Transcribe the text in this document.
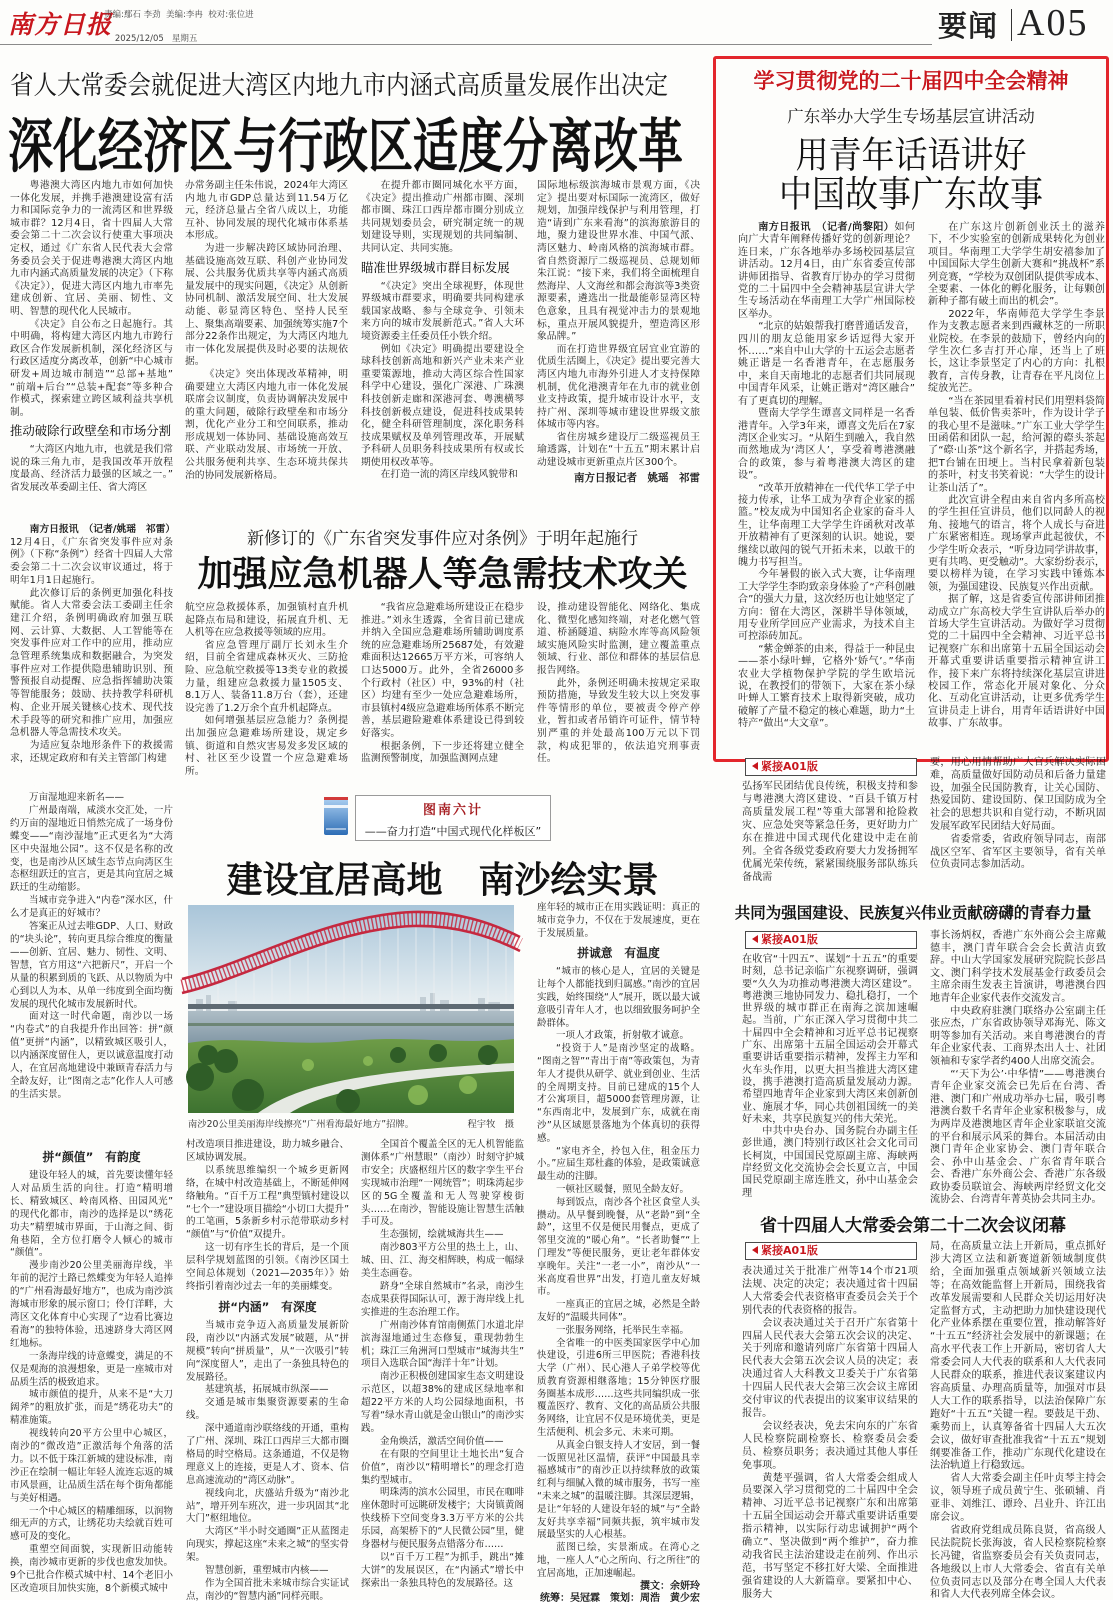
南方日报
责编:鄢石 李劲  美编:李冉  校对:张位进

2025/12/05 星期五
	要闻 A05
省人大常委会就促进大湾区内地九市内涵式高质量发展作出决定
深化经济区与行政区适度分离改革

粤港澳大湾区内地九市如何加快一体化发展，并携手港澳建设富有活力和国际竞争力的一流湾区和世界级城市群？12月4日，省十四届人大常委会第二十二次会议行使重大事项决定权，通过《广东省人民代表大会常务委员会关于促进粤港澳大湾区内地九市内涵式高质量发展的决定》（下称《决定》），促进大湾区内地九市率先建成创新、宜居、美丽、韧性、文明、智慧的现代化人民城市。

《决定》自公布之日起施行。其中明确，将构建大湾区内地九市跨行政区合作发展新机制，深化经济区与行政区适度分离改革，创新“中心城市研发+周边城市制造”“总部+基地”“前端+后台”“总装+配套”等多种合作模式，探索建立跨区域利益共享机制。

推动破除行政壁垒和市场分割

“大湾区内地九市，也就是我们常说的珠三角九市，是我国改革开放程度最高、经济活力最强的区域之一。”省发展改革委副主任、省大湾区

办常务副主任朱伟说，2024年大湾区内地九市GDP总量达到11.54万亿元，经济总量占全省八成以上，功能互补、协同发展的现代化城市体系基本形成。

为进一步解决跨区域协同治理、基础设施高效互联、科创产业协同发展、公共服务优质共享等内涵式高质量发展中的现实问题，《决定》从创新协同机制、激活发展空间、壮大发展动能、彰显湾区特色、坚持人民至上、聚集高端要素、加强统筹实施7个部分22条作出规定，为大湾区内地九市一体化发展提供及时必要的法规依据。

《决定》突出体现改革精神，明确要建立大湾区内地九市一体化发展联席会议制度，负责协调解决发展中的重大问题，破除行政壁垒和市场分割，优化产业分工和空间联系，推动形成规划一体协同、基础设施高效互联、产业联动发展、市场统一开放、公共服务便利共享、生态环境共保共治的协同发展新格局。

在提升都市圈同城化水平方面，《决定》提出推动广州都市圈、深圳都市圈、珠江口西岸都市圈分别成立共同规划委员会，研究制定统一的规划建设导则，实现规划的共同编制、共同认定、共同实施。

瞄准世界级城市群目标发展

“《决定》突出全球视野，体现世界级城市群要求，明确要共同构建承载国家战略、参与全球竞争、引领未来方向的城市发展新范式。”省人大环境资源委主任委员任小铁介绍。

例如《决定》明确提出要建设全球科技创新高地和新兴产业未来产业重要策源地，推动大湾区综合性国家科学中心建设，强化广深港、广珠澳科技创新走廊和深港河套、粤澳横琴科技创新极点建设，促进科技成果转化，健全科研管理制度，深化职务科技成果赋权及单列管理改革，开展赋予科研人员职务科技成果所有权或长期使用权改革等。

在打造一流的湾区岸线风貌带和

国际地标级滨海城市景观方面，《决定》提出要对标国际一流湾区，做好规划，加强岸线保护与利用管理，打造“请到广东来看海”的滨海旅游目的地，聚力建设世界水准、中国气派、湾区魅力、岭南风格的滨海城市群。省自然资源厅二级巡视员、总规划师朱江说：“接下来，我们将全面梳理自然海岸、人文海丝和都会海滨等3类资源要素，遴选出一批最能彰显湾区特色意象，且具有视觉冲击力的景观地标，重点开展风貌提升，塑造湾区形象品牌。”

而在打造世界级宜居宜业宜游的优质生活圈上，《决定》提出要完善大湾区内地九市海外引进人才支持保障机制，优化港澳青年在九市的就业创业支持政策，提升城市设计水平，支持广州、深圳等城市建设世界级文旅体城市等内容。

省住房城乡建设厅二级巡视员王瑜透露，计划在“十五五”期末累计启动建设城市更新重点片区300个。

南方日报记者　姚瑶　祁雷

新修订的《广东省突发事件应对条例》于明年起施行
加强应急机器人等急需技术攻关

南方日报讯　（记者/姚瑶　祁雷）12月4日，《广东省突发事件应对条例》（下称“条例”）经省十四届人大常委会第二十二次会议审议通过，将于明年1月1日起施行。

此次修订后的条例更加强化科技赋能。省人大常委会法工委副主任余建江介绍，条例明确政府加强互联网、云计算、大数据、人工智能等在突发事件应对工作中的应用，推动应急管理系统集成和数据融合，为突发事件应对工作提供隐患辅助识别、预警预报自动提醒、应急指挥辅助决策等智能服务；鼓励、扶持教学科研机构、企业开展关键核心技术、现代技术手段等的研究和推广应用，加强应急机器人等急需技术攻关。

为适应复杂地形条件下的救援需求，还规定政府和有关主管部门构建

航空应急救援体系，加强镇村直升机起降点布局和建设，拓展直升机、无人机等在应急救援等领域的应用。

省应急管理厅副厅长刘永生介绍，目前全省建成森林灭火、三防抢险、应急航空救援等13类专业的救援力量，组建应急救援力量1505支、8.1万人、装备11.8万台（套），还建设完善了1.2万余个直升机起降点。

如何增强基层应急能力？条例提出加强应急避难场所建设，规定乡镇、街道和自然灾害易发多发区域的村、社区至少设置一个应急避难场所。

“我省应急避难场所建设正在稳步推进。”刘永生透露，全省目前已建成并纳入全国应急避难场所辅助调度系统的应急避难场所25687处，有效避难面积达12665万平方米，可容纳人口达5000万。此外，全省26000多个行政村（社区）中，93%的村（社区）均建有至少一处应急避难场所，市县镇村4级应急避难场所体系不断完善，基层避险避难体系建设已得到较好落实。

根据条例，下一步还将建立健全监测预警制度，加强监测网点建

设，推动建设智能化、网络化、集成化、微型化感知终端，对老化燃气管道、桥涵隧道、病险水库等高风险领域实施风险实时监测，建立覆盖重点领域、行业、部位和群体的基层信息报告网络。

此外，条例还明确未按规定采取预防措施，导致发生较大以上突发事件等情形的单位，要被责令停产停业，暂扣或者吊销许可证件，情节特别严重的并处最高100万元以下罚款，构成犯罪的，依法追究刑事责任。

学习贯彻党的二十届四中全会精神
广东举办大学生专场基层宣讲活动
用青年话语讲好
中国故事广东故事

南方日报讯　（记者/尚黎阳）如何向广大青年阐释传播好党的创新理论？连日来，广东各地举办多场校园基层宣讲活动。12月4日，由广东省委宣传部讲师团指导、省教育厅协办的学习贯彻党的二十届四中全会精神基层宣讲大学生专场活动在华南理工大学广州国际校区举办。

“北京的姑娘帮我打磨普通话发音，四川的朋友总能用家乡话逗得大家开怀……”来自中山大学的十五运会志愿者姚正谐是一名香港青年，在志愿服务中，来自天南地北的志愿者们共同展现中国青年风采，让姚正谐对“湾区融合”有了更真切的理解。

暨南大学学生谭喜文同样是一名香港青年。入学3年来，谭喜文先后在7家湾区企业实习。“从陌生到融入，我自然而然地成为‘湾区人’，享受着粤港澳融合的政策，参与着粤港澳大湾区的建设”。

“改革开放精神在一代代华工学子中接力传承，让华工成为孕育企业家的摇篮。”校友成为中国知名企业家的奋斗人生，让华南理工大学学生许函秋对改革开放精神有了更深刻的认识。她说，要继续以敢闯的锐气开拓未来，以敢干的魄力书写担当。

今年暑假的嵌入式大赛，让华南理工大学学生李昀致亲身体验了“产科创融合”的强大力量，这次经历也让她坚定了方向：留在大湾区，深耕半导体领域，用专业所学回应产业需求，为技术自主可控添砖加瓦。

“紫金蝉茶的由来，得益于一种昆虫——茶小绿叶蝉，它格外‘娇气’。”华南农业大学植物保护学院的学生欧培沅说，在教授们的带领下，大家在茶小绿叶蝉人工繁育技术上取得新突破，成功破解了产量不稳定的核心难题，助力“土特产”做出“大文章”。

在广东这片创新创业沃土的滋养下，不少实验室的创新成果转化为创业项目。华南理工大学学生胡安禧参加了中国国际大学生创新大赛和“挑战杯”系列竞赛，“学校为双创团队提供零成本、全要素、一体化的孵化服务，让每颗创新种子都有破土而出的机会”。

2022年，华南师范大学学生李景作为支教志愿者来到西藏林芝的一所职业院校。在李景的鼓励下，曾经内向的学生次仁多吉打开心扉，还当上了班长，这让李景坚定了内心的方向：扎根教育，言传身教，让青春在平凡岗位上绽放光芒。

“当在茶园里看着村民们用塑料袋简单包装、低价售卖茶叶，作为设计学子的我心里不是滋味。”广东工业大学学生田函偌和团队一起，给河源的磜头茶起了“磜·山茶”这个新名字，并搭起秀场，把T台铺在田埂上。当村民拿着新包装的茶叶，村支书笑着说：“大学生的设计让茶山活了”。

此次宣讲全程由来自省内多所高校的学生担任宣讲员，他们以同龄人的视角、接地气的语言，将个人成长与奋进广东紧密相连。现场掌声此起彼伏，不少学生听众表示，“听身边同学讲故事，更有共鸣、更受触动”。大家纷纷表示，要以榜样为镜，在学习实践中锤炼本领，为强国建设、民族复兴作出贡献。

据了解，这是省委宣传部讲师团推动成立广东高校大学生宣讲队后举办的首场大学生宣讲活动。为做好学习贯彻党的二十届四中全会精神、习近平总书记视察广东和出席第十五届全国运动会开幕式重要讲话重要指示精神宣讲工作，接下来广东将持续深化基层宣讲进校园工作，常态化开展对象化、分众化、互动化宣讲活动，让更多优秀学生宣讲员走上讲台，用青年话语讲好中国故事、广东故事。

紧接A01版

弘扬军民团结优良传统，积极支持和参与粤港澳大湾区建设、“百县千镇万村高质量发展工程”等重大部署和抢险救灾、应急处突等紧急任务，更好助力广东在推进中国式现代化建设中走在前列。全省各级党委政府要大力发扬拥军优属光荣传统，紧紧围绕服务部队练兵备战需

要，用心用情帮助广大官兵解决实际困难，高质量做好国防动员和后备力量建设，加强全民国防教育，让关心国防、热爱国防、建设国防、保卫国防成为全社会的思想共识和自觉行动，不断巩固发展军政军民团结大好局面。

省委常委，省政府领导同志，南部战区空军、省军区主要领导，省有关单位负责同志参加活动。

共同为强国建设、民族复兴伟业贡献磅礴的青春力量
紧接A01版

在收官“十四五”、谋划“十五五”的重要时刻，总书记亲临广东视察调研，强调要“久久为功推动粤港澳大湾区建设”。粤港澳三地协同发力、稳扎稳打，一个世界级的城市群正在南海之滨加速崛起。当前，广东正深入学习贯彻中共二十届四中全会精神和习近平总书记视察广东、出席第十五届全国运动会开幕式重要讲话重要指示精神，发挥主力军和火车头作用，以更大担当推进大湾区建设，携手港澳打造高质量发展动力源。希望四地青年企业家到大湾区来创新创业、施展才华，同心共创祖国统一的美好未来，共享民族复兴的伟大荣光。

中共中央台办、国务院台办副主任彭世通，澳门特别行政区社会文化司司长柯岚，中国国民党原副主席、海峡两岸经贸文化交流协会会长夏立言，中国国民党原副主席连胜文，孙中山基金会理

事长汤炳权，香港广东外商公会主席戴德丰，澳门青年联合会会长黄洁贞致辞。中山大学国家发展研究院院长彭昌文、澳门科学技术发展基金行政委员会主席余雨生发表主旨演讲，粤港澳台四地青年企业家代表作交流发言。

中央政府驻澳门联络办公室副主任张应杰，广东省政协领导邓海光、陈文明等参加有关活动。来自粤港澳台的青年企业家代表、工商界杰出人士、社团领袖和专家学者约400人出席交流会。

“‘天下为公’·中华情”——粤港澳台青年企业家交流会已先后在台湾、香港、澳门和广州成功举办七届，吸引粤港澳台数千名青年企业家积极参与，成为两岸及港澳地区青年企业家联谊交流的平台和展示风采的舞台。本届活动由澳门青年企业家协会、澳门青年联合会、孙中山基金会、广东省青年联合会、香港广东外商公会、香港广东各级政协委员联谊会、海峡两岸经贸文化交流协会、台湾青年菁英协会共同主办。

省十四届人大常委会第二十二次会议闭幕
紧接A01版

表决通过关于批准广州等14个市21项法规、决定的决定；表决通过省十四届人大常委会代表资格审查委员会关于个别代表的代表资格的报告。

会议表决通过关于召开广东省第十四届人民代表大会第五次会议的决定、关于列席和邀请列席广东省第十四届人民代表大会第五次会议人员的决定；表决通过省人大科教文卫委关于广东省第十四届人民代表大会第三次会议主席团交付审议的代表提出的议案审议结果的报告。

会议经表决，免去宋向东的广东省人民检察院副检察长、检察委员会委员、检察员职务；表决通过其他人事任免事项。

黄楚平强调，省人大常委会组成人员要深入学习贯彻党的二十届四中全会精神、习近平总书记视察广东和出席第十五届全国运动会开幕式重要讲话重要指示精神，以实际行动忠诚拥护“两个确立”、坚决做到“两个维护”，奋力推动我省民主法治建设走在前列、作出示范，书写坚定不移扛好大梁、全面推进强省建设的人大新篇章。要紧扣中心、服务大

局，在高质量立法上开新局，重点抓好涉大湾区立法和新赛道新领域制度供给，全面加强重点领域新兴领域立法等；在高效能监督上开新局，围绕我省改革发展需要和人民群众关切运用好决定监督方式，主动把助力加快建设现代化产业体系摆在重要位置，推动解答好“十五五”经济社会发展中的新课题；在高水平代表工作上开新局，密切省人大常委会同人大代表的联系和人大代表同人民群众的联系，推进代表议案建议内容高质量、办理高质量等，加强对市县人大工作的联系指导，以法治保障广东跑好“十五五”关键一程。要鼓足干劲、乘势而上，认真筹备省十四届人大五次会议，做好审查批准我省“十五五”规划纲要准备工作，推动广东现代化建设在法治轨道上行稳致远。

省人大常委会副主任叶贞琴主持会议，领导班子成员黄宁生、张硕辅、肖亚非、刘维江、谭玲、吕业升、许江出席会议。

省政府党组成员陈良贤，省高级人民法院院长张海波，省人民检察院检察长冯键，省监察委员会有关负责同志，各地级以上市人大常委会、省直有关单位负责同志以及部分在粤全国人大代表和省人大代表列席全体会议。

图南六计
——奋力打造“中国式现代化样板区”
建设宜居高地　南沙绘实景
南沙20公里美丽海岸线擦亮“广州看海最好地方”招牌。	程宇牧　摄

万亩湿地迎来新名——

广州最南端，咸淡水交汇处，一片约万亩的湿地近日悄然完成了一场身份蝶变——“南沙湿地”正式更名为“大湾区中央湿地公园”。这不仅是名称的改变，也是南沙从区域生态节点向湾区生态枢纽跃迁的宣言，更是其向宜居之城跃迁的生动缩影。

当城市竞争进入“内卷”深水区，什么才是真正的好城市？

答案正从过去唯GDP、人口、财政的“块头论”，转向更具综合维度的衡量——创新、宜居、魅力、韧性、文明、智慧，官方用这“六把新尺”，开启一个从量的积累到质的飞跃、从以物质为中心到以人为本、从单一纬度到全面均衡发展的现代化城市发展新时代。

面对这一时代命题，南沙以一场“内卷式”的自我提升作出回答：拼“颜值”更拼“内涵”，以精致城区吸引人，以内涵深度留住人，更以诚意温度打动人，在宜居高地建设中兼顾青春活力与全龄友好，让“图南之志”化作人人可感的生活实景。

拼“颜值”　有韵度

建设年轻人的城，首先要读懂年轻人对品质生活的向往。打造“精明增长、精致城区、岭南风格、田园风光”的现代化都市，南沙的选择是以“绣花功夫”精塑城市界面，于山海之间、街角巷陌，全方位打磨令人倾心的城市“颜值”。

漫步南沙20公里美丽海岸线，半年前的泥泞土路已然蝶变为年轻人追捧的“广州看海最好地方”，也成为南沙滨海城市形象的展示窗口；伶仃洋畔，大湾区文化体育中心实现了“边看比赛边看海”的独特体验，迅速跻身大湾区网红地标。

一条海岸线的诗意蝶变，满足的不仅是观海的浪漫想象，更是一座城市对品质生活的极致追求。

城市颜值的提升，从来不是“大刀阔斧”的粗放扩张，而是“绣花功夫”的精准施策。

视线转向20平方公里中心城区，南沙的“微改造”正激活每个角落的活力。以不低于珠江新城的建设标准，南沙正在绘制一幅让年轻人流连忘返的城市风景画，让品质生活在每个街角都能与美好相遇。

一个中心城区的精雕细琢，以润物细无声的方式，让绣花功夫绘就百姓可感可及的变化。

重塑空间面貌，实现新旧动能转换，南沙城市更新的步伐也愈发加快。9个已批合作模式城中村、14个老旧小区改造项目加快实施，8个新模式城中

村改造项目推进建设，助力城乡融合、区域协调发展。

以系统思维编织一个城乡更新网络，在城中村改造基础上，不断延伸网络触角。“百千万工程”典型镇村建设以“七个一”建设项目描绘“小切口大提升”的工笔画，5条新乡村示范带联动乡村“颜值”与“价值”双提升。

这一切有序生长的背后，是一个顶层科学规划蓝图的引领。《南沙区国土空间总体规划（2021—2035年）》始终指引着南沙过去一年的美丽蝶变。

拼“内涵”　有深度

当城市竞争迈入高质量发展新阶段，南沙以“内涵式发展”破题，从“拼规模”转向“拼质量”，从“一次吸引”转向“深度留人”，走出了一条独具特色的发展路径。

基建筑基，拓展城市纵深——

交通是城市集聚资源要素的生命线。

深中通道南沙联络线的开通，重构了广州、深圳、珠江口西岸三大都市圈格局的时空格局。这条通道，不仅是物理意义上的连接，更是人才、资本、信息高速流动的“湾区动脉”。

视线向北，庆盛站升级为“南沙北站”，增开列车班次，进一步巩固其“北大门”枢纽地位。

大湾区“半小时交通圈”正从蓝图走向现实，撑起这座“未来之城”的坚实骨架。

智慧创新，重塑城市内核——

作为全国首批未来城市综合实证试点，南沙的“智慧内涵”同样亮眼。

全国首个覆盖全区的无人机智能监测体系“广州慧眼”（南沙）时刻守护城市安全；庆盛枢纽片区的数字孪生平台实现城市治理“一网统管”；明珠湾起步区的5G全覆盖和无人驾驶穿梭街头……在南沙，智能设施让智慧生活触手可及。

生态强韧，绘就城海共生——

南沙803平方公里的热土上，山、城、田、江、海交相辉映，构成一幅绿美生态画卷。

跻身“全球自然城市”名录，南沙生态成果获得国际认可，源于海岸线上扎实推进的生态治理工作。

广州南沙体育馆南侧蕉门水道北岸滨海湿地通过生态修复，重现勃勃生机；珠江三角洲河口型城市“城海共生”项目入选联合国“海洋十年”计划。

南沙正积极创建国家生态文明建设示范区，以超38%的建成区绿地率和超22平方米的人均公园绿地面积，书写着“绿水青山就是金山银山”的南沙实践。

金角焕活，激活空间价值——

在有限的空间里让土地长出“复合价值”，南沙以“精明增长”的理念打造集约型城市。

明珠湾的滨水公园里，市民在咖啡座休憩时可远眺研发楼宇；大岗镇黄阁快线桥下空间变身3.3万平方米的公共乐园，高架桥下的“人民微公园”里，健身器材与便民服务点错落分布……

以“百千万工程”为抓手，跳出“摊大饼”的发展误区，在“内涵式”增长中探索出一条独具特色的发展路径。这

座年轻的城市正在用实践证明：真正的城市竞争力，不仅在于发展速度，更在于发展质量。

拼诚意　有温度

“城市的核心是人，宜居的关键是让每个人都能找到归属感。”南沙的宜居实践，始终围绕“人”展开，既以最大诚意吸引青年人才，也以细致服务呵护全龄群体。

一项人才政策，折射敬才诚意。

“投资于人”是南沙坚定的战略。“图南之智”“青出于南”等政策包，为青年人才提供从研学、就业到创业、生活的全周期支持。目前已建成的15个人才公寓项目，超5000套管理房源，让“东西南北中，发展到广东，成就在南沙”从区域愿景落地为个体真切的获得感。

“家电齐全，拎包入住，租金压力小。”应届生郑杜鑫的体验，是政策诚意最生动的注脚。

一顿社区暖餐，照见全龄友好。

每到饭点，南沙各个社区食堂人头攒动。从早餐到晚餐，从“老龄”到“全龄”，这里不仅是便民用餐点，更成了邻里交流的“暖心角”。“长者助餐”“上门理发”等便民服务，更让老年群体安享晚年。关注“一老一小”，南沙从“一米高度看世界”出发，打造儿童友好城市。

一座真正的宜居之城，必然是全龄友好的“温暖共同体”。

一张服务网络，托举民生幸福。

全省唯一的中医类国家医学中心加快建设，引进6所三甲医院；香港科技大学（广州）、民心港人子弟学校等优质教育资源相继落地；15分钟医疗服务圈基本成形……这些共同编织成一张覆盖医疗、教育、文化的高品质公共服务网络，让宜居不仅是环境优美，更是生活便利、机会多元、未来可期。

从真金白银支持人才安居，到一餐一饭照见社区温情，获评“中国最具幸福感城市”的南沙正以持续释放的政策红利与细腻入微的城市服务，书写一座“未来之城”的温暖注脚。其深层逻辑，是让“年轻的人建设年轻的城”与“全龄友好共享幸福”同频共振，筑牢城市发展最坚实的人心根基。

蓝图已绘，实景渐成。在湾心之地，一座人人“心之所向、行之所往”的宜居高地，正加速崛起。

撰文：余妍玲

统筹：吴冠霖　策划：周浩　黄少宏
